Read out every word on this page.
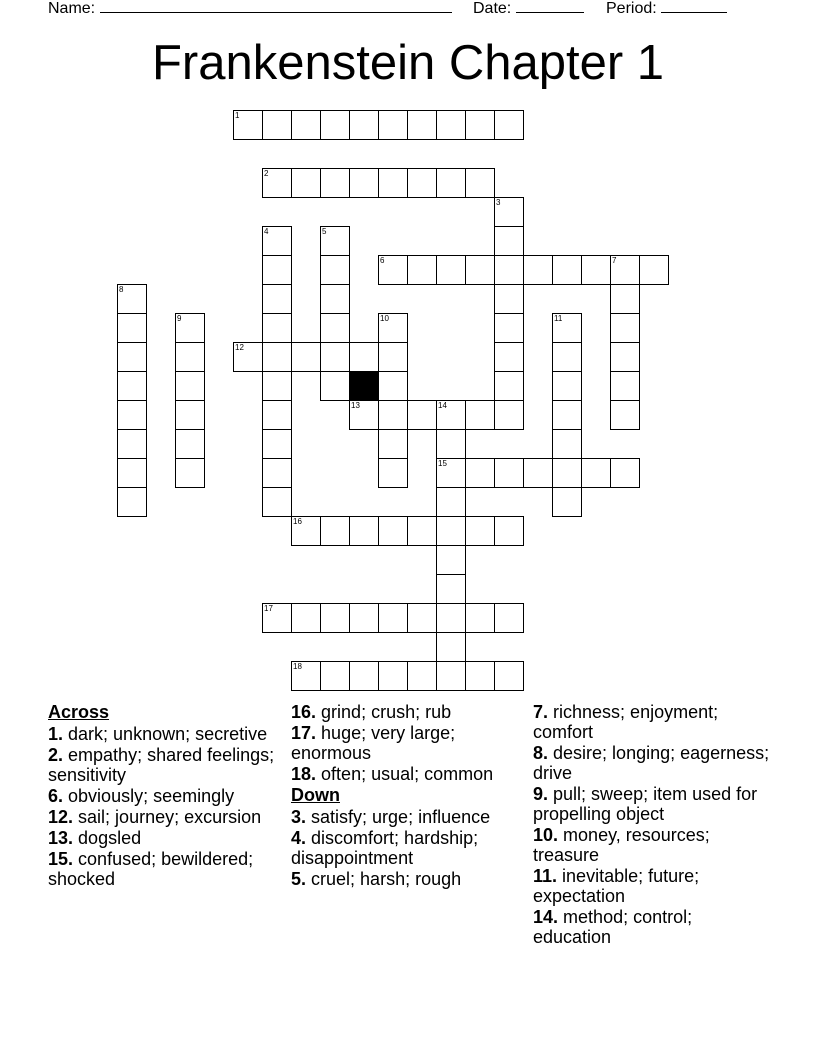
Name:	Date:	Period:
Frankenstein Chapter 1
1
2
3
4	5
6	7
8
9	10	11
12
14
15
13
16
17
18
Across
1. dark; unknown; secretive
2. empathy; shared feelings; sensitivity
6. obviously; seemingly
12. sail; journey; excursion
13. dogsled
15. confused; bewildered; shocked
16. grind; crush; rub
17. huge; very large; enormous
18. often; usual; common
Down
3. satisfy; urge; influence
4. discomfort; hardship; disappointment
5. cruel; harsh; rough
7. richness; enjoyment; comfort
8. desire; longing; eagerness; drive
9. pull; sweep; item used for propelling object
10. money, resources; treasure
11. inevitable; future; expectation
14. method; control; education
